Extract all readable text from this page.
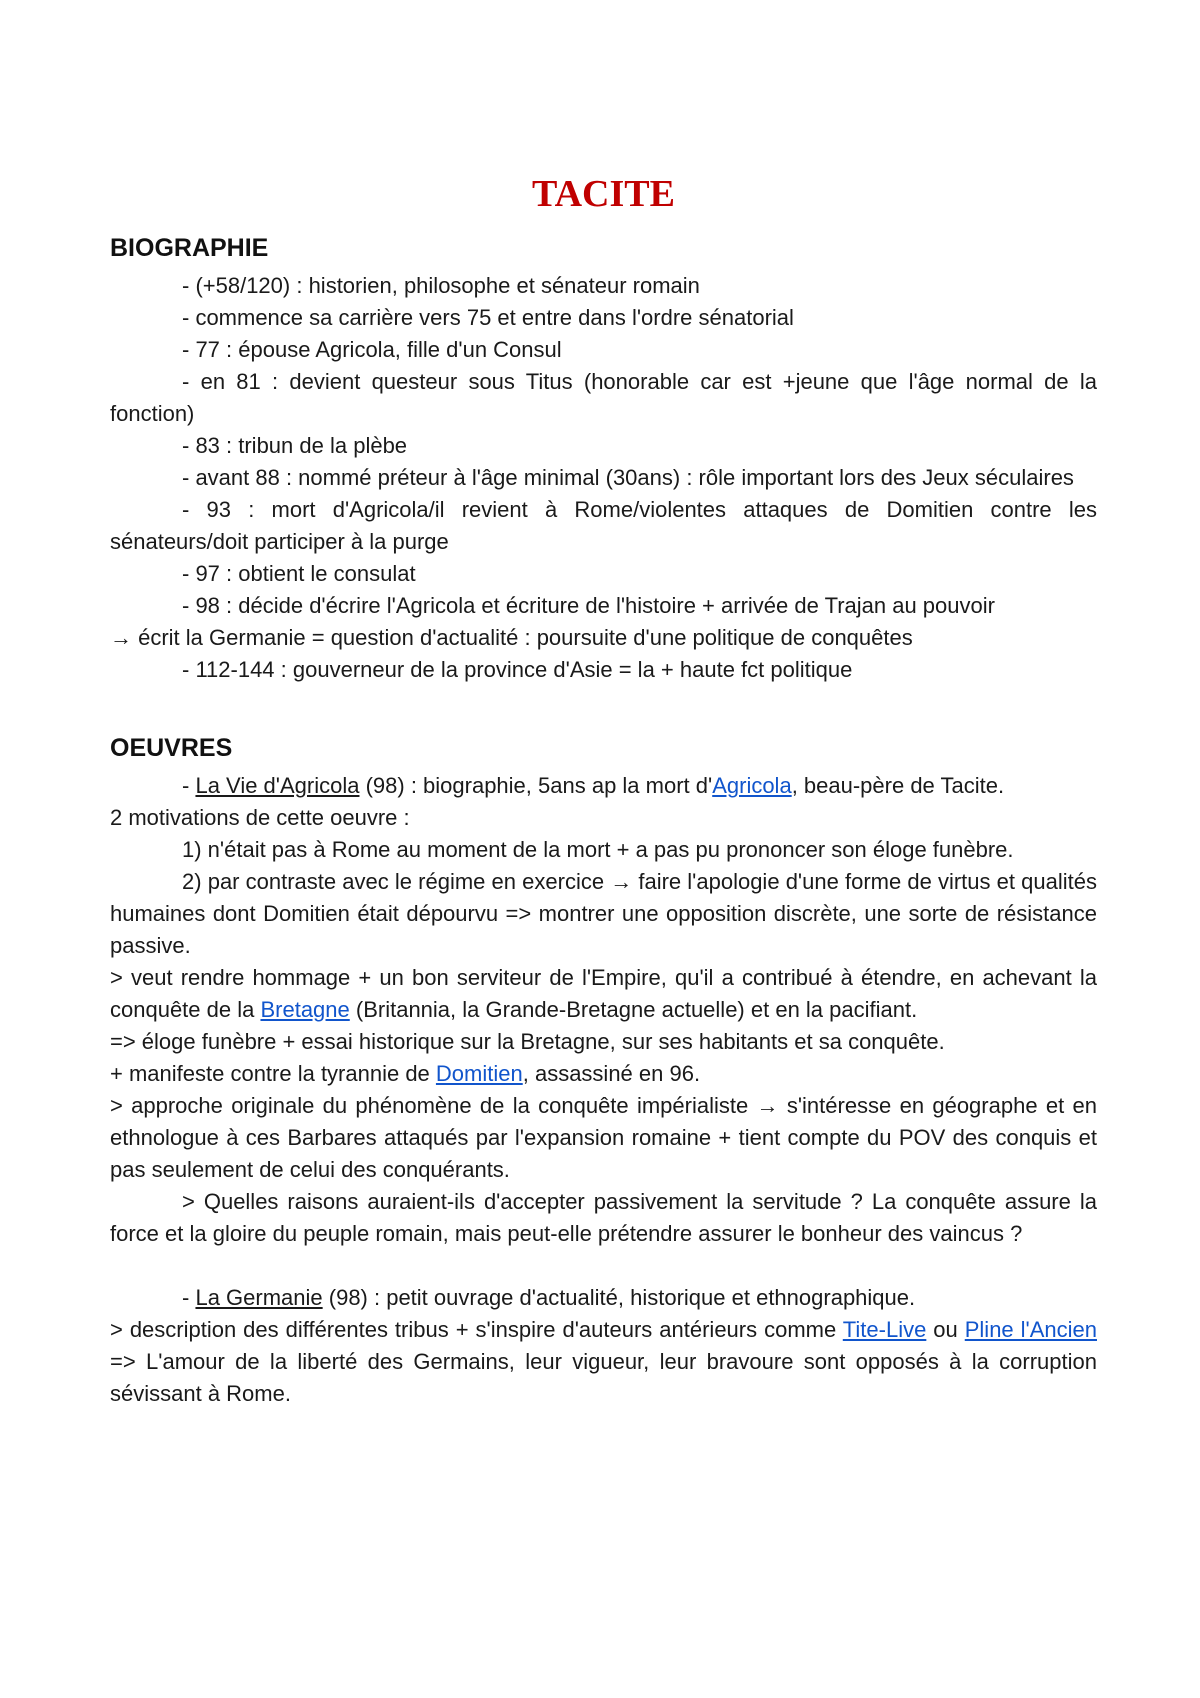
TACITE
BIOGRAPHIE

- (+58/120) : historien, philosophe et sénateur romain

- commence sa carrière vers 75 et entre dans l'ordre sénatorial

- 77 : épouse Agricola, fille d'un Consul

- en 81 : devient questeur sous Titus (honorable car est +jeune que l'âge normal de la fonction)

- 83 : tribun de la plèbe

- avant 88 : nommé préteur à l'âge minimal (30ans) : rôle important lors des Jeux séculaires

- 93 : mort d'Agricola/il revient à Rome/violentes attaques de Domitien contre les sénateurs/doit participer à la purge

- 97 : obtient le consulat

- 98 : décide d'écrire l'Agricola et écriture de l'histoire + arrivée de Trajan au pouvoir

→ écrit la Germanie = question d'actualité : poursuite d'une politique de conquêtes

- 112-144 : gouverneur de la province d'Asie = la + haute fct politique

OEUVRES

- La Vie d'Agricola (98) : biographie, 5ans ap la mort d'Agricola, beau-père de Tacite.

2 motivations de cette oeuvre :

1) n'était pas à Rome au moment de la mort + a pas pu prononcer son éloge funèbre.

2) par contraste avec le régime en exercice → faire l'apologie d'une forme de virtus et qualités humaines dont Domitien était dépourvu => montrer une opposition discrète, une sorte de résistance passive.

> veut rendre hommage + un bon serviteur de l'Empire, qu'il a contribué à étendre, en achevant la conquête de la Bretagne (Britannia, la Grande-Bretagne actuelle) et en la pacifiant.

=> éloge funèbre + essai historique sur la Bretagne, sur ses habitants et sa conquête.

+ manifeste contre la tyrannie de Domitien, assassiné en 96.

> approche originale du phénomène de la conquête impérialiste → s'intéresse en géographe et en ethnologue à ces Barbares attaqués par l'expansion romaine + tient compte du POV des conquis et pas seulement de celui des conquérants.

> Quelles raisons auraient-ils d'accepter passivement la servitude ? La conquête assure la force et la gloire du peuple romain, mais peut-elle prétendre assurer le bonheur des vaincus ?

- La Germanie (98) : petit ouvrage d'actualité, historique et ethnographique.

> description des différentes tribus + s'inspire d'auteurs antérieurs comme Tite-Live ou Pline l'Ancien => L'amour de la liberté des Germains, leur vigueur, leur bravoure sont opposés à la corruption sévissant à Rome.
